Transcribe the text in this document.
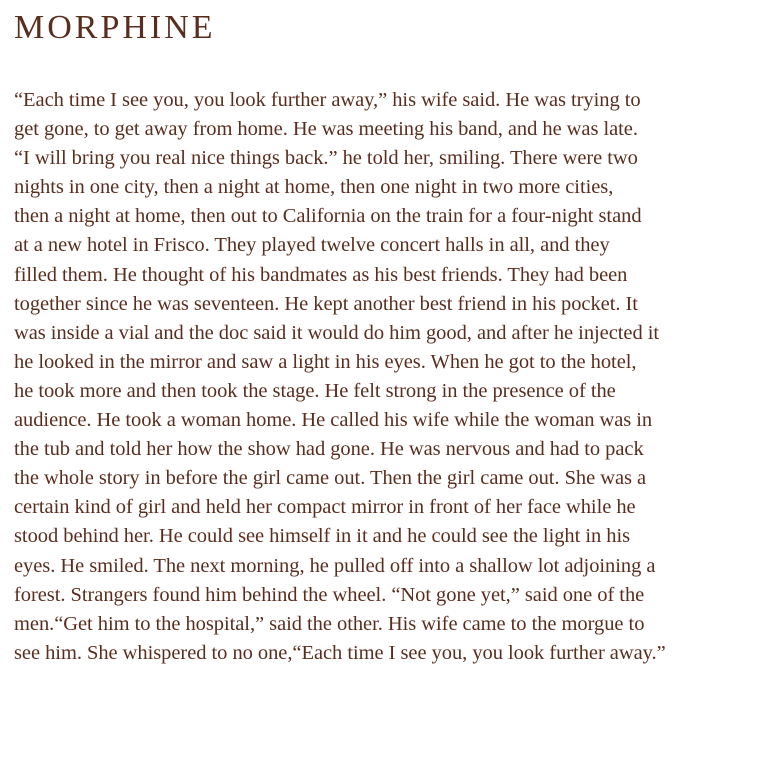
MORPHINE
“Each time I see you, you look further away,” his wife said. He was trying to
get gone, to get away from home. He was meeting his band, and he was late.
“I will bring you real nice things back.” he told her, smiling. There were two
nights in one city, then a night at home, then one night in two more cities,
then a night at home, then out to California on the train for a four-night stand
at a new hotel in Frisco. They played twelve concert halls in all, and they
filled them. He thought of his bandmates as his best friends. They had been
together since he was seventeen. He kept another best friend in his pocket. It
was inside a vial and the doc said it would do him good, and after he injected it
he looked in the mirror and saw a light in his eyes. When he got to the hotel,
he took more and then took the stage. He felt strong in the presence of the
audience. He took a woman home. He called his wife while the woman was in
the tub and told her how the show had gone. He was nervous and had to pack
the whole story in before the girl came out. Then the girl came out. She was a
certain kind of girl and held her compact mirror in front of her face while he
stood behind her. He could see himself in it and he could see the light in his
eyes. He smiled. The next morning, he pulled off into a shallow lot adjoining a
forest. Strangers found him behind the wheel. “Not gone yet,” said one of the
men.“Get him to the hospital,” said the other. His wife came to the morgue to
see him. She whispered to no one,“Each time I see you, you look further away.”
